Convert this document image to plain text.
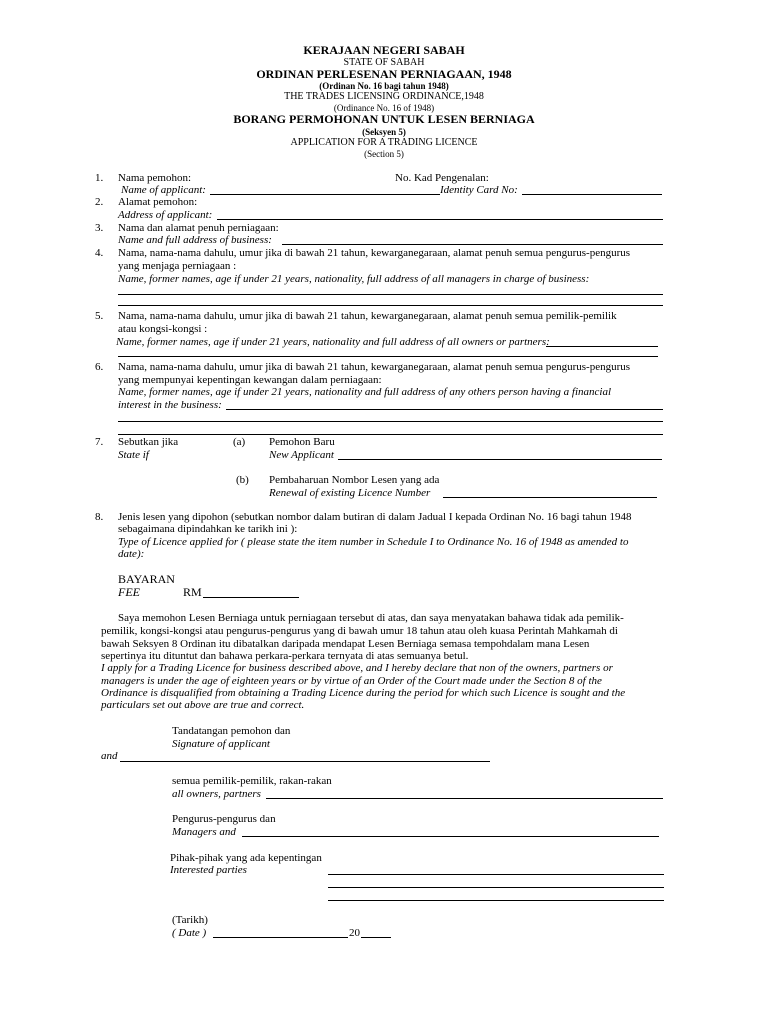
KERAJAAN NEGERI SABAH
STATE OF SABAH
ORDINAN PERLESENAN PERNIAGAAN, 1948
(Ordinan No. 16 bagi tahun 1948)
THE TRADES LICENSING ORDINANCE,1948
(Ordinance No. 16 of 1948)
BORANG PERMOHONAN UNTUK LESEN BERNIAGA
(Seksyen 5)
APPLICATION FOR A TRADING LICENCE
(Section 5)
1. Nama pemohon:	No. Kad Pengenalan:
Name of applicant:	Identity Card No:
2. Alamat pemohon:
Address of applicant:
3. Nama dan alamat penuh perniagaan:
Name and full address of business:
4. Nama, nama-nama dahulu, umur jika di bawah 21 tahun, kewarganegaraan, alamat penuh semua pengurus-pengurus
yang menjaga perniagaan :
Name, former names, age if under 21 years, nationality, full address of all managers in charge of business:
5. Nama, nama-nama dahulu, umur jika di bawah 21 tahun, kewarganegaraan, alamat penuh semua pemilik-pemilik
atau kongsi-kongsi :
Name, former names, age if under 21 years, nationality and full address of all owners or partners:
6. Nama, nama-nama dahulu, umur jika di bawah 21 tahun, kewarganegaraan, alamat penuh semua pengurus-pengurus
yang mempunyai kepentingan kewangan dalam perniagaan:
Name, former names, age if under 21 years, nationality and full address of any others person having a financial
interest in the business:
7. Sebutkan jika
State if
(a) Pemohon Baru
New Applicant
(b) Pembaharuan Nombor Lesen yang ada
Renewal of existing Licence Number
8. Jenis lesen yang dipohon (sebutkan nombor dalam butiran di dalam Jadual I kepada Ordinan No. 16 bagi tahun 1948
sebagaimana dipindahkan ke tarikh ini ):
Type of Licence applied for ( please state the item number in Schedule I to Ordinance No. 16 of 1948 as amended to
date):
BAYARAN
FEE	RM
Saya memohon Lesen Berniaga untuk perniagaan tersebut di atas, dan saya menyatakan bahawa tidak ada pemilik-
pemilik, kongsi-kongsi atau pengurus-pengurus yang di bawah umur 18 tahun atau oleh kuasa Perintah Mahkamah di
bawah Seksyen 8 Ordinan itu dibatalkan daripada mendapat Lesen Berniaga semasa tempohdalam mana Lesen
sepertinya itu dituntut dan bahawa perkara-perkara ternyata di atas semuanya betul.
I apply for a Trading Licence for business described above, and I hereby declare that non of the owners, partners or
managers is under the age of eighteen years or by virtue of an Order of the Court made under the Section 8 of the
Ordinance is disqualified from obtaining a Trading Licence during the period for which such Licence is sought and the
particulars set out above are true and correct.
Tandatangan pemohon dan
Signature of applicant
and
semua pemilik-pemilik, rakan-rakan
all owners, partners
Pengurus-pengurus dan
Managers and
Pihak-pihak yang ada kepentingan
Interested parties
(Tarikh)
( Date )	20
